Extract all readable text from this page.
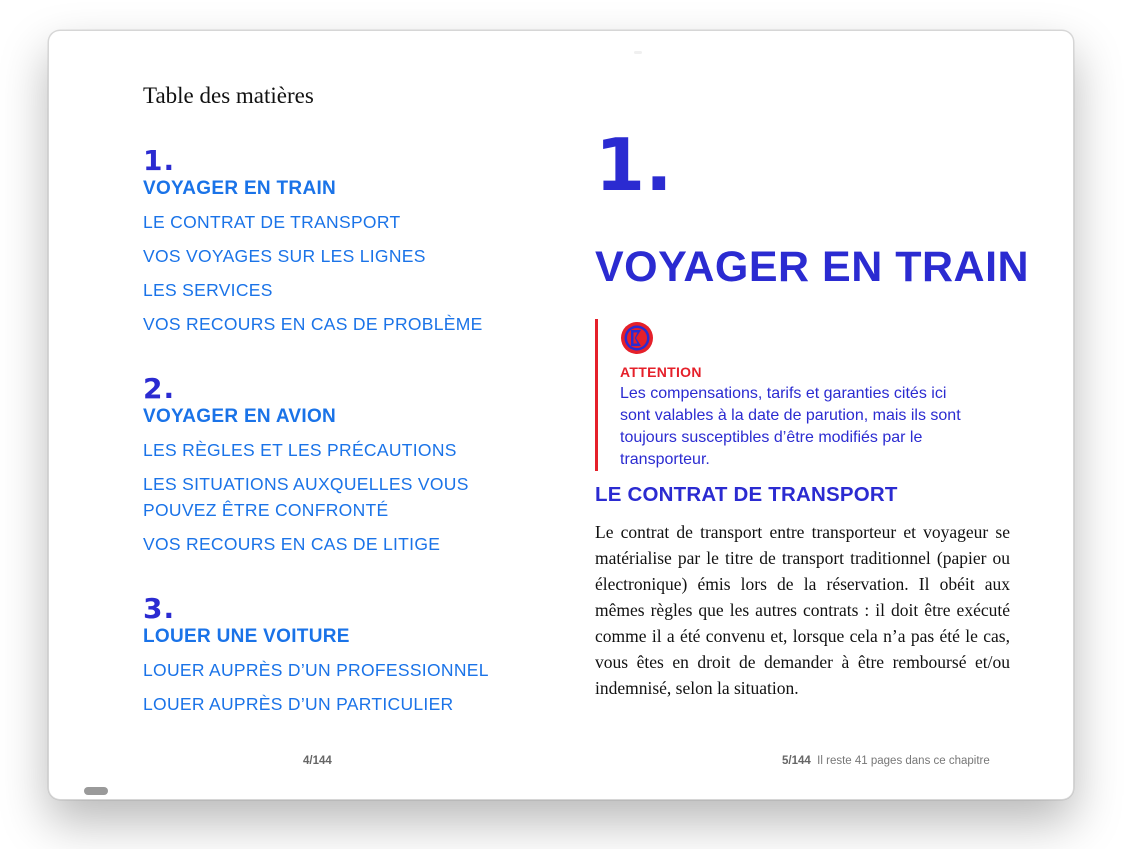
Table des matières
1.
VOYAGER EN TRAIN
LE CONTRAT DE TRANSPORT
VOS VOYAGES SUR LES LIGNES
LES SERVICES
VOS RECOURS EN CAS DE PROBLÈME
2.
VOYAGER EN AVION
LES RÈGLES ET LES PRÉCAUTIONS
LES SITUATIONS AUXQUELLES VOUS POUVEZ ÊTRE CONFRONTÉ
VOS RECOURS EN CAS DE LITIGE
3.
LOUER UNE VOITURE
LOUER AUPRÈS D’UN PROFESSIONNEL
LOUER AUPRÈS D’UN PARTICULIER
4/144
1.
VOYAGER EN TRAIN
ATTENTION
Les compensations, tarifs et garanties cités ici sont valables à la date de parution, mais ils sont toujours susceptibles d’être modifiés par le transporteur.
LE CONTRAT DE TRANSPORT
Le contrat de transport entre transporteur et voyageur se matérialise par le titre de transport traditionnel (papier ou électronique) émis lors de la réservation. Il obéit aux mêmes règles que les autres contrats : il doit être exécuté comme il a été convenu et, lorsque cela n’a pas été le cas, vous êtes en droit de demander à être remboursé et/ou indemnisé, selon la situation.
5/144 Il reste 41 pages dans ce chapitre
